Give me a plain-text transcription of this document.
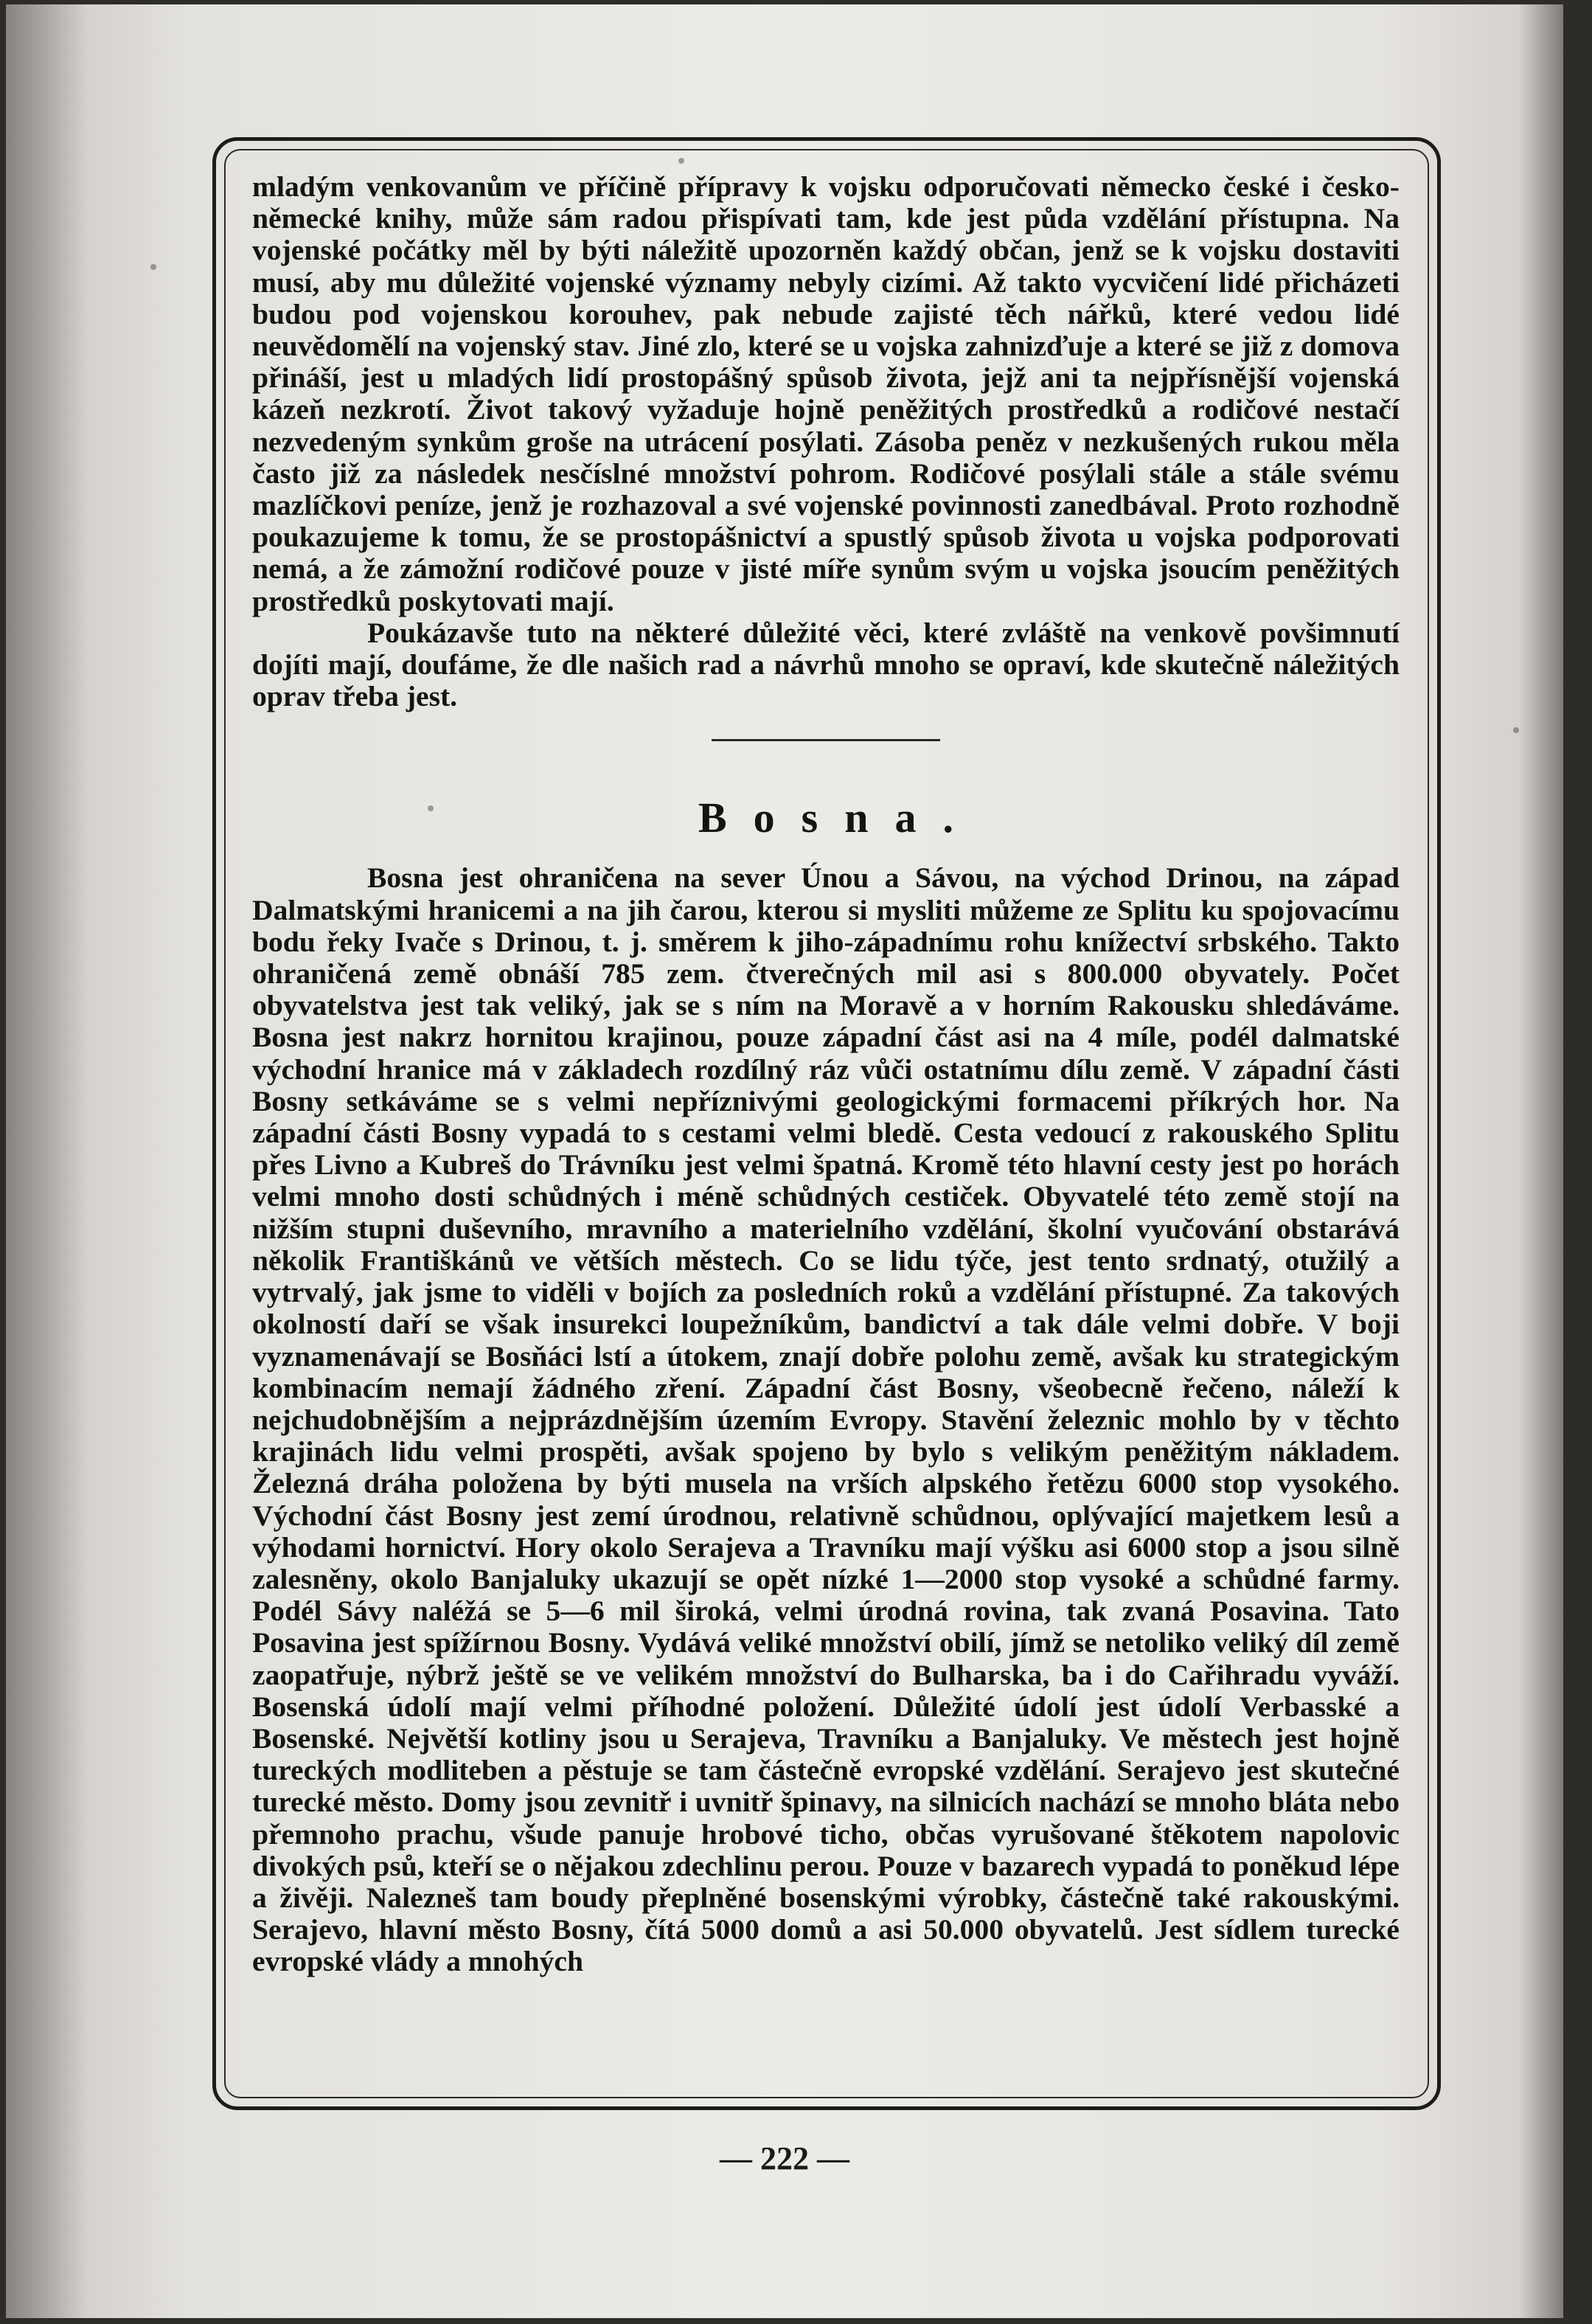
mladým venkovanům ve příčině přípravy k vojsku odporučovati německo české i česko-německé knihy, může sám radou přispívati tam, kde jest půda vzdělání přístupna. Na vojenské počátky měl by býti náležitě upozorněn každý občan, jenž se k vojsku dostaviti musí, aby mu důležité vojenské významy nebyly cizími. Až takto vycvičení lidé přicházeti budou pod vojenskou korouhev, pak nebude zajisté těch nářků, které vedou lidé neuvědomělí na vojenský stav. Jiné zlo, které se u vojska zahnizďuje a které se již z domova přináší, jest u mladých lidí prostopášný spůsob života, jejž ani ta nejpřísnější vojenská kázeň nezkrotí. Život takový vyžaduje hojně peněžitých prostředků a rodičové nestačí nezvedeným synkům groše na utrácení posýlati. Zásoba peněz v nezkušených rukou měla často již za následek nesčíslné množství pohrom. Rodičové posýlali stále a stále svému mazlíčkovi peníze, jenž je rozhazoval a své vojenské povinnosti zanedbával. Proto rozhodně poukazujeme k tomu, že se prostopášnictví a spustlý spůsob života u vojska podporovati nemá, a že zámožní rodičové pouze v jisté míře synům svým u vojska jsoucím peněžitých prostředků poskytovati mají.

Poukázavše tuto na některé důležité věci, které zvláště na venkově povšimnutí dojíti mají, doufáme, že dle našich rad a návrhů mnoho se opraví, kde skutečně náležitých oprav třeba jest.

Bosna.

Bosna jest ohraničena na sever Únou a Sávou, na východ Drinou, na západ Dalmatskými hranicemi a na jih čarou, kterou si mysliti můžeme ze Splitu ku spojovacímu bodu řeky Ivače s Drinou, t. j. směrem k jiho-západnímu rohu knížectví srbského. Takto ohraničená země obnáší 785 zem. čtverečných mil asi s 800.000 obyvately. Počet obyvatelstva jest tak veliký, jak se s ním na Moravě a v horním Rakousku shledáváme. Bosna jest nakrz hornitou krajinou, pouze západní část asi na 4 míle, podél dalmatské východní hranice má v základech rozdílný ráz vůči ostatnímu dílu země. V západní části Bosny setkáváme se s velmi nepříznivými geologickými formacemi příkrých hor. Na západní části Bosny vypadá to s cestami velmi bledě. Cesta vedoucí z rakouského Splitu přes Livno a Kubreš do Trávníku jest velmi špatná. Kromě této hlavní cesty jest po horách velmi mnoho dosti schůdných i méně schůdných cestiček. Obyvatelé této země stojí na nižším stupni duševního, mravního a materielního vzdělání, školní vyučování obstarává několik Františkánů ve větších městech. Co se lidu týče, jest tento srdnatý, otužilý a vytrvalý, jak jsme to viděli v bojích za posledních roků a vzdělání přístupné. Za takových okolností daří se však insurekci loupežníkům, bandictví a tak dále velmi dobře. V boji vyznamenávají se Bosňáci lstí a útokem, znají dobře polohu země, avšak ku strategickým kombinacím nemají žádného zření. Západní část Bosny, všeobecně řečeno, náleží k nejchudobnějším a nejprázdnějším územím Evropy. Stavění železnic mohlo by v těchto krajinách lidu velmi prospěti, avšak spojeno by bylo s velikým peněžitým nákladem. Železná dráha položena by býti musela na vrších alpského řetězu 6000 stop vysokého. Východní část Bosny jest zemí úrodnou, relativně schůdnou, oplývající majetkem lesů a výhodami hornictví. Hory okolo Serajeva a Travníku mají výšku asi 6000 stop a jsou silně zalesněny, okolo Banjaluky ukazují se opět nízké 1—2000 stop vysoké a schůdné farmy. Podél Sávy naléžá se 5—6 mil široká, velmi úrodná rovina, tak zvaná Posavina. Tato Posavina jest spížírnou Bosny. Vydává veliké množství obilí, jímž se netoliko veliký díl země zaopatřuje, nýbrž ještě se ve velikém množství do Bulharska, ba i do Cařihradu vyváží. Bosenská údolí mají velmi příhodné položení. Důležité údolí jest údolí Verbasské a Bosenské. Největší kotliny jsou u Serajeva, Travníku a Banjaluky. Ve městech jest hojně tureckých modliteben a pěstuje se tam částečně evropské vzdělání. Serajevo jest skutečné turecké město. Domy jsou zevnitř i uvnitř špinavy, na silnicích nachází se mnoho bláta nebo přemnoho prachu, všude panuje hrobové ticho, občas vyrušované štěkotem napolovic divokých psů, kteří se o nějakou zdechlinu perou. Pouze v bazarech vypadá to poněkud lépe a živěji. Nalezneš tam boudy přeplněné bosenskými výrobky, částečně také rakouskými. Serajevo, hlavní město Bosny, čítá 5000 domů a asi 50.000 obyvatelů. Jest sídlem turecké evropské vlády a mnohých

— 222 —
